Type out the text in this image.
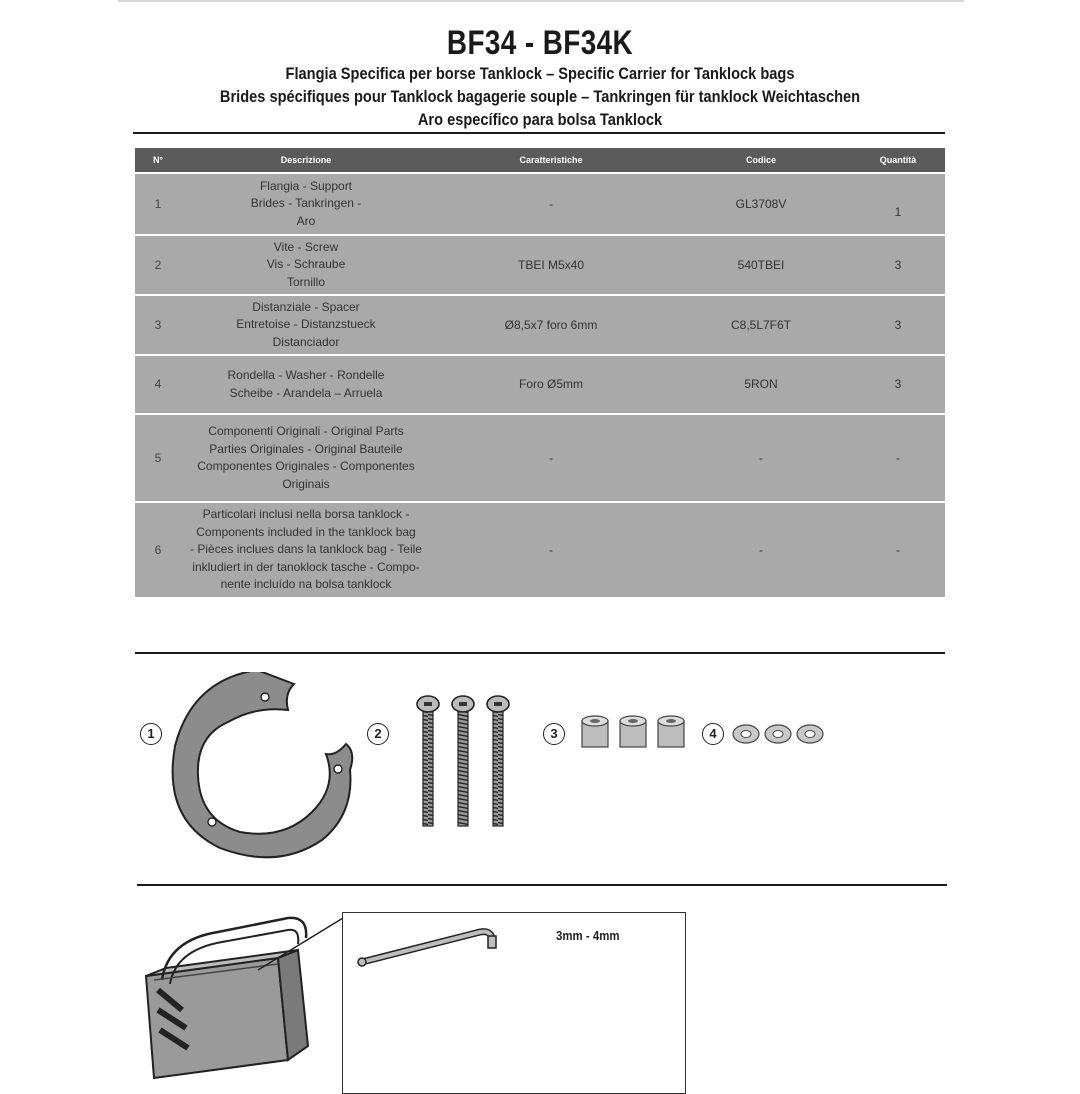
BF34 - BF34K
Flangia Specifica per borse Tanklock – Specific Carrier for Tanklock bags
Brides spécifiques pour Tanklock bagagerie souple – Tankringen für tanklock Weichtaschen
Aro específico para bolsa Tanklock
N°	Descrizione	Caratteristiche	Codice	Quantità
1	Flangia - Support
Brides - Tankringen -
Aro	-	GL3708V	1
2	Vite - Screw
Vis - Schraube
Tornillo	TBEI M5x40	540TBEI	3
3	Distanziale - Spacer
Entretoise - Distanzstueck
Distanciador	Ø8,5x7 foro 6mm	C8,5L7F6T	3
4	Rondella - Washer - Rondelle
Scheibe - Arandela – Arruela	Foro Ø5mm	5RON	3
5	Componenti Originali - Original Parts
Parties Originales - Original Bauteile
Componentes Originales - Componentes
Originais	-	-	-
6	Particolari inclusi nella borsa tanklock -
Components included in the tanklock bag
- Pièces inclues dans la tanklock bag - Teile
inkludiert in der tanoklock tasche - Compo-
nente incluído na bolsa tanklock	-	-	-
1	2	3	4
3mm - 4mm
